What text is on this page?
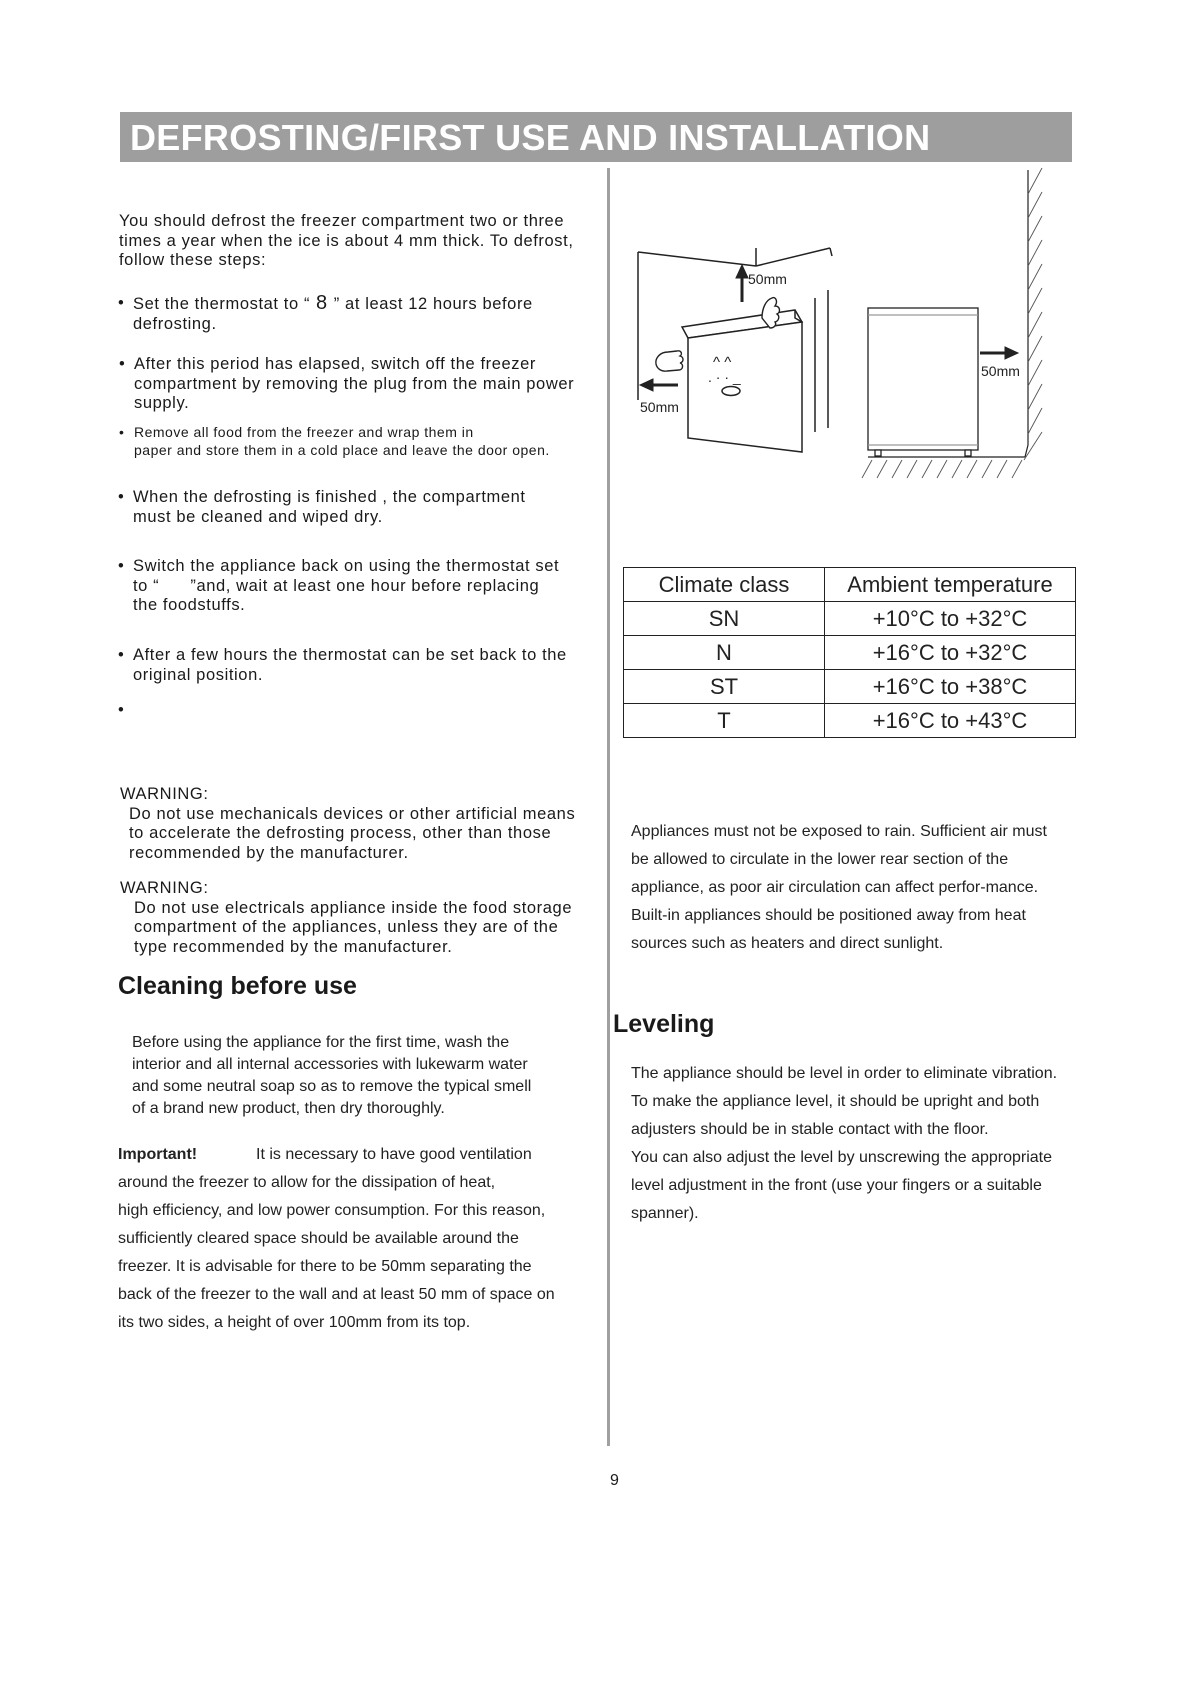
DEFROSTING/FIRST USE AND INSTALLATION
You should defrost the freezer compartment two or three
times a year when the ice is about 4 mm thick. To defrost,
follow these steps:
• Set the thermostat to “ 8 ” at least 12 hours before
defrosting.
• After this period has elapsed, switch off the freezer
compartment by removing the plug from the main power
supply.
• Remove all food from the freezer and wrap them in
paper and store them in a cold place and leave the door open.
• When the defrosting is finished , the compartment
must be cleaned and wiped dry.
• Switch the appliance back on using the thermostat set
to “      ”and, wait at least one hour before replacing
the foodstuffs.
• After a few hours the thermostat can be set back to the
original position.
•
WARNING:
Do not use mechanicals devices or other artificial means
to accelerate the defrosting process, other than those
recommended by the manufacturer.
WARNING:
Do not use electricals appliance inside the food storage
compartment of the appliances, unless they are of the
type recommended by the manufacturer.
Cleaning before use
Before using the appliance for the first time, wash the
interior and all internal accessories with lukewarm water
and some neutral soap so as to remove the typical smell
of a brand new product, then dry thoroughly.
Important!	It is necessary to have good ventilation
around the freezer to allow for the dissipation of heat,
high efficiency, and low power consumption. For this reason,
sufficiently cleared space should be available around the
freezer. It is advisable for there to be 50mm separating the
back of the freezer to the wall and at least 50 mm of space on
its two sides, a height of over 100mm from its top.
^ ^
. · · _
50mm
50mm
50mm
Climate class	Ambient temperature
SN	+10°C to +32°C
N	+16°C to +32°C
ST	+16°C to +38°C
T	+16°C to +43°C
Appliances must not be exposed to rain. Sufficient air must
be allowed to circulate in the lower rear section of the
appliance, as poor air circulation can affect perfor-mance.
Built-in appliances should be positioned away from heat
sources such as heaters and direct sunlight.
Leveling
The appliance should be level in order to eliminate vibration.
To make the appliance level, it should be upright and both
adjusters should be in stable contact with the floor.
You can also adjust the level by unscrewing the appropriate
level adjustment in the front (use your fingers or a suitable
spanner).
9
